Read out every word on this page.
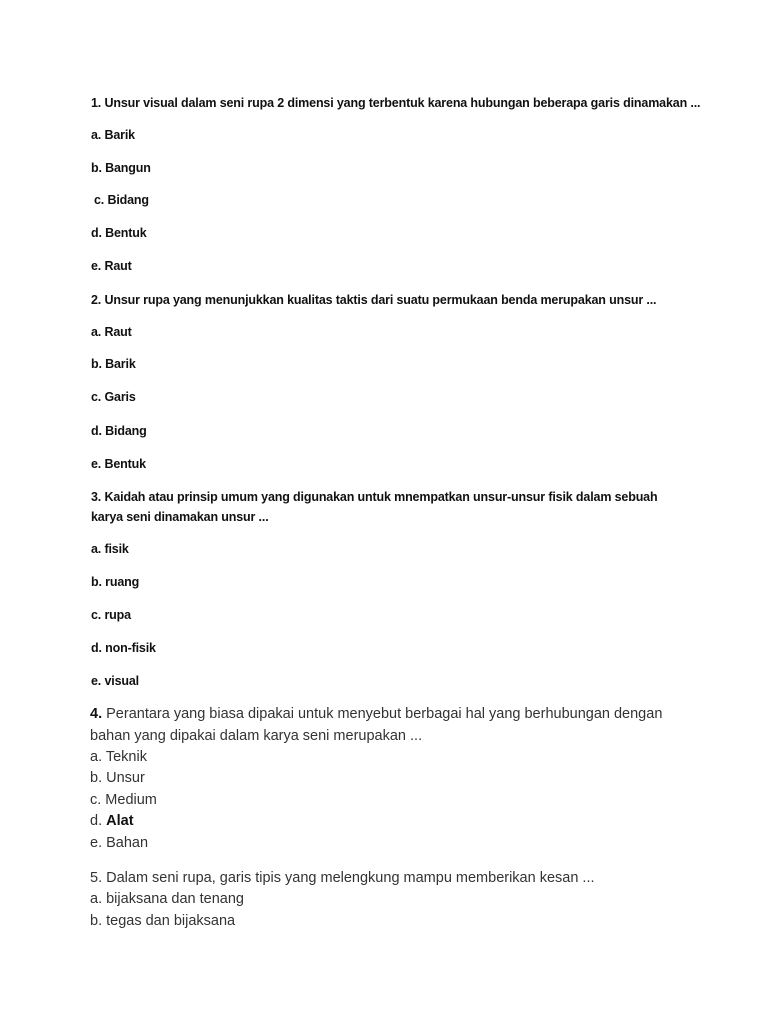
1. Unsur visual dalam seni rupa 2 dimensi yang terbentuk karena hubungan beberapa garis dinamakan ...

a. Barik

b. Bangun

c. Bidang

d. Bentuk

e. Raut

2. Unsur rupa yang menunjukkan kualitas taktis dari suatu permukaan benda merupakan unsur ...

a. Raut

b. Barik

c. Garis

d. Bidang

e. Bentuk

3. Kaidah atau prinsip umum yang digunakan untuk mnempatkan unsur-unsur fisik dalam sebuah karya seni dinamakan unsur ...

a. fisik

b. ruang

c. rupa

d. non-fisik

e. visual

4. Perantara yang biasa dipakai untuk menyebut berbagai hal yang berhubungan dengan bahan yang dipakai dalam karya seni merupakan ...

a. Teknik

b. Unsur

c. Medium

d. Alat

e. Bahan

5. Dalam seni rupa, garis tipis yang melengkung mampu memberikan kesan ...

a. bijaksana dan tenang

b. tegas dan bijaksana
